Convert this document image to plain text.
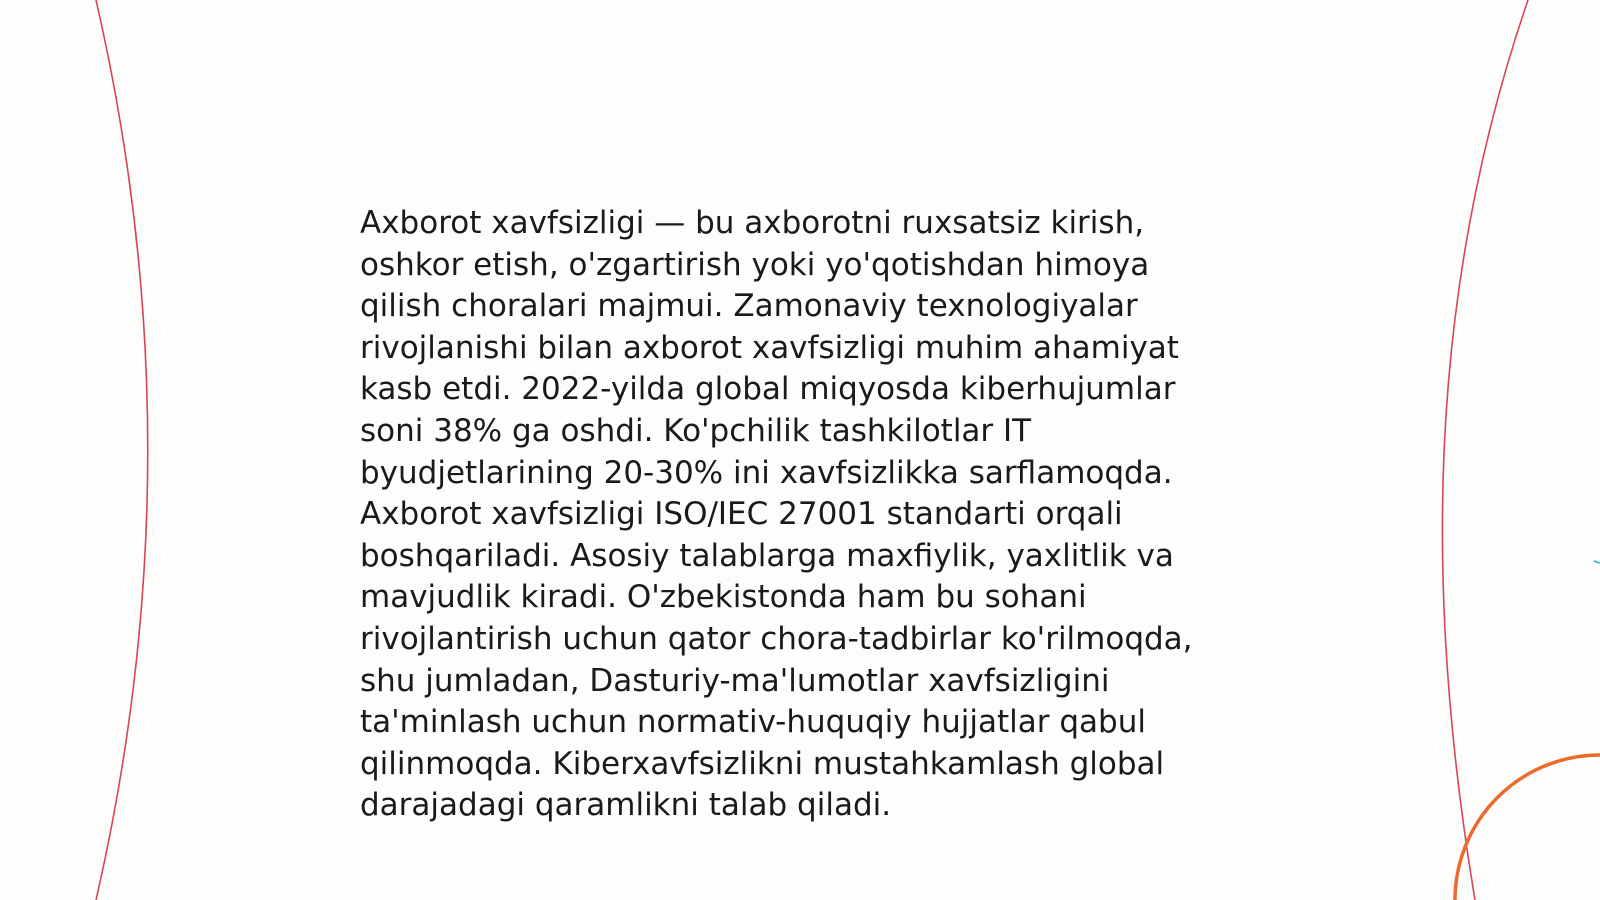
Axborot xavfsizligi — bu axborotni ruxsatsiz kirish,
oshkor etish, o'zgartirish yoki yo'qotishdan himoya
qilish choralari majmui. Zamonaviy texnologiyalar
rivojlanishi bilan axborot xavfsizligi muhim ahamiyat
kasb etdi. 2022-yilda global miqyosda kiberhujumlar
soni 38% ga oshdi. Ko'pchilik tashkilotlar IT
byudjetlarining 20-30% ini xavfsizlikka sarflamoqda.
Axborot xavfsizligi ISO/IEC 27001 standarti orqali
boshqariladi. Asosiy talablarga maxfiylik, yaxlitlik va
mavjudlik kiradi. O'zbekistonda ham bu sohani
rivojlantirish uchun qator chora-tadbirlar ko'rilmoqda,
shu jumladan, Dasturiy-ma'lumotlar xavfsizligini
ta'minlash uchun normativ-huquqiy hujjatlar qabul
qilinmoqda. Kiberxavfsizlikni mustahkamlash global
darajadagi qaramlikni talab qiladi.
